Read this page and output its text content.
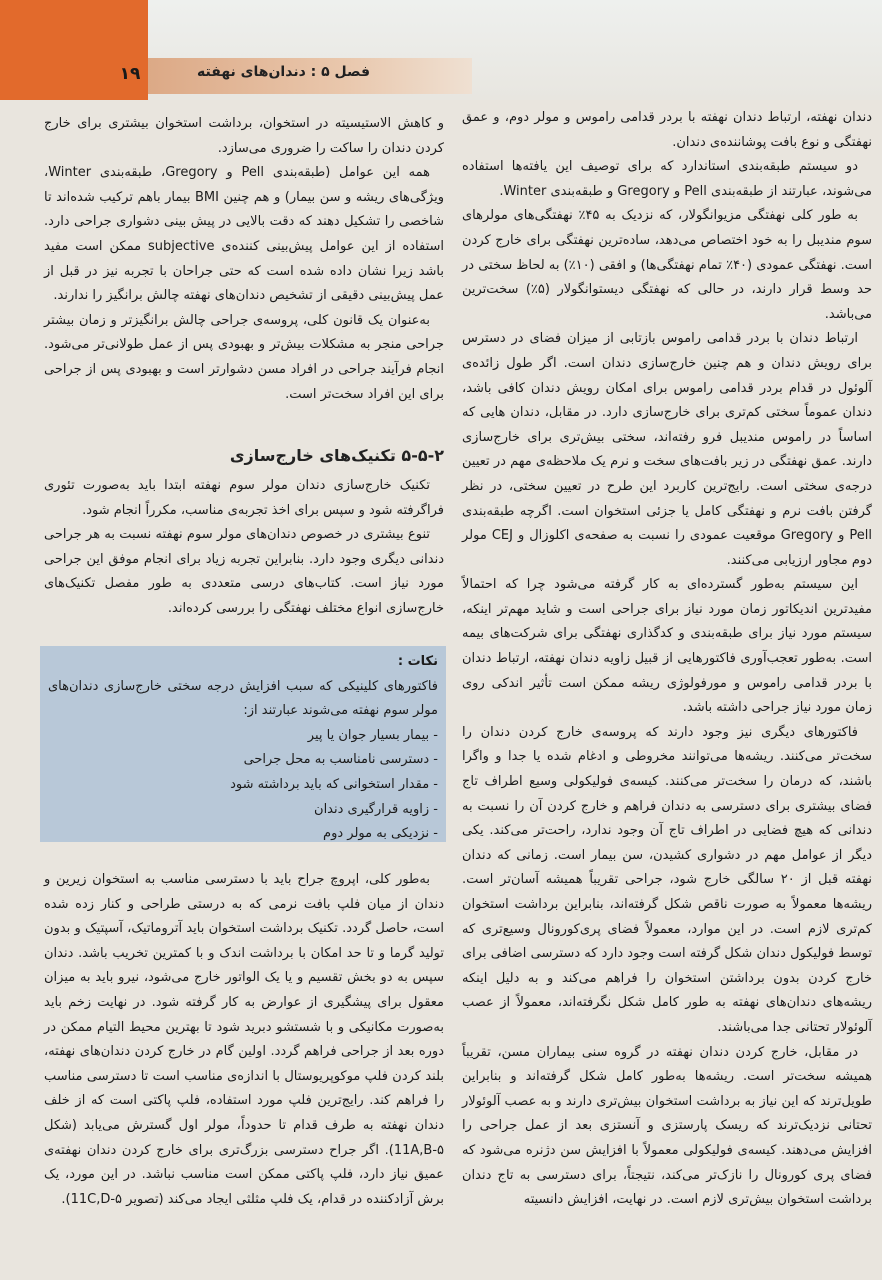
۱۹	فصل ۵ : دندان‌های نهفته

دندان نهفته، ارتباط دندان نهفته با بردر قدامی راموس و مولر دوم، و عمق نهفتگی و نوع بافت پوشاننده‌ی دندان.

دو سیستم طبقه‌بندی استاندارد که برای توصیف این یافته‌ها استفاده می‌شوند، عبارتند از طبقه‌بندی Pell و Gregory و طبقه‌بندی Winter.

به طور کلی نهفتگی مزیوانگولار، که نزدیک به ۴۵٪ نهفتگی‌های مولرهای سوم مندیبل را به خود اختصاص می‌دهد، ساده‌ترین نهفتگی برای خارج کردن است. نهفتگی عمودی (۴۰٪ تمام نهفتگی‌ها) و افقی (۱۰٪) به لحاظ سختی در حد وسط قرار دارند، در حالی که نهفتگی دیستوانگولار (۵٪) سخت‌ترین می‌باشد.

ارتباط دندان با بردر قدامی راموس بازتابی از میزان فضای در دسترس برای رویش دندان و هم چنین خارج‌سازی دندان است. اگر طول زائده‌ی آلوئول در قدام بردر قدامی راموس برای امکان رویش دندان کافی باشد، دندان عموماً سختی کم‌تری برای خارج‌سازی دارد. در مقابل، دندان هایی که اساساً در راموس مندیبل فرو رفته‌اند، سختی بیش‌تری برای خارج‌سازی دارند. عمق نهفتگی در زیر بافت‌های سخت و نرم یک ملاحظه‌ی مهم در تعیین درجه‌ی سختی است. رایج‌ترین کاربرد این طرح در تعیین سختی، در نظر گرفتن بافت نرم و نهفتگی کامل یا جزئی استخوان است. اگرچه طبقه‌بندی Pell و Gregory موقعیت عمودی را نسبت به صفحه‌ی اکلوزال و CEJ مولر دوم مجاور ارزیابی می‌کنند.

این سیستم به‌طور گسترده‌ای به کار گرفته می‌شود چرا که احتمالاً مفیدترین اندیکاتور زمان مورد نیاز برای جراحی است و شاید مهم‌تر اینکه، سیستم مورد نیاز برای طبقه‌بندی و کدگذاری نهفتگی برای شرکت‌های بیمه است. به‌طور تعجب‌آوری فاکتورهایی از قبیل زاویه دندان نهفته، ارتباط دندان با بردر قدامی راموس و مورفولوژی ریشه ممکن است تأثیر اندکی روی زمان مورد نیاز جراحی داشته باشد.

فاکتورهای دیگری نیز وجود دارند که پروسه‌ی خارج کردن دندان را سخت‌تر می‌کنند. ریشه‌ها می‌توانند مخروطی و ادغام شده یا جدا و واگرا باشند، که درمان را سخت‌تر می‌کنند. کیسه‌ی فولیکولی وسیع اطراف تاج فضای بیشتری برای دسترسی به دندان فراهم و خارج کردن آن را نسبت به دندانی که هیچ فضایی در اطراف تاج آن وجود ندارد، راحت‌تر می‌کند. یکی دیگر از عوامل مهم در دشواری کشیدن، سن بیمار است. زمانی که دندان نهفته قبل از ۲۰ سالگی خارج شود، جراحی تقریباً همیشه آسان‌تر است. ریشه‌ها معمولاً به صورت ناقص شکل گرفته‌اند، بنابراین برداشت استخوان کم‌تری لازم است. در این موارد، معمولاً فضای پری‌کورونال وسیع‌تری که توسط فولیکول دندان شکل گرفته است وجود دارد که دسترسی اضافی برای خارج کردن بدون برداشتن استخوان را فراهم می‌کند و به دلیل اینکه ریشه‌های دندان‌های نهفته به طور کامل شکل نگرفته‌اند، معمولاً از عصب آلوئولار تحتانی جدا می‌باشند.

در مقابل، خارج کردن دندان نهفته در گروه سنی بیماران مسن، تقریباً همیشه سخت‌تر است. ریشه‌ها به‌طور کامل شکل گرفته‌اند و بنابراین طویل‌ترند که این نیاز به برداشت استخوان بیش‌تری دارند و به عصب آلوئولار تحتانی نزدیک‌ترند که ریسک پارستزی و آنستزی بعد از عمل جراحی را افزایش می‌دهند. کیسه‌ی فولیکولی معمولاً با افزایش سن دژنره می‌شود که فضای پری کورونال را نازک‌تر می‌کند، نتیجتاً، برای دسترسی به تاج دندان برداشت استخوان بیش‌تری لازم است. در نهایت، افزایش دانسیته

و کاهش الاستیسیته در استخوان، برداشت استخوان بیشتری برای خارج کردن دندان را ساکت را ضروری می‌سازد.

همه این عوامل (طبقه‌بندی Pell و Gregory، طبقه‌بندی Winter، ویژگی‌های ریشه و سن بیمار) و هم چنین BMI بیمار باهم ترکیب شده‌اند تا شاخصی را تشکیل دهند که دقت بالایی در پیش بینی دشواری جراحی دارد. استفاده از این عوامل پیش‌بینی کننده‌ی subjective ممکن است مفید باشد زیرا نشان داده شده است که حتی جراحان با تجربه نیز در قبل از عمل پیش‌بینی دقیقی از تشخیص دندان‌های نهفته چالش برانگیز را ندارند.

به‌عنوان یک قانون کلی، پروسه‌ی جراحی چالش برانگیزتر و زمان بیشتر جراحی منجر به مشکلات بیش‌تر و بهبودی پس از عمل طولانی‌تر می‌شود. انجام فرآیند جراحی در افراد مسن دشوارتر است و بهبودی پس از جراحی برای این افراد سخت‌تر است.

۵-۵-۲ تکنیک‌های خارج‌سازی

تکنیک خارج‌سازی دندان مولر سوم نهفته ابتدا باید به‌صورت تئوری فراگرفته شود و سپس برای اخذ تجربه‌ی مناسب، مکرراً انجام شود.

تنوع بیشتری در خصوص دندان‌های مولر سوم نهفته نسبت به هر جراحی دندانی دیگری وجود دارد. بنابراین تجربه زیاد برای انجام موفق این جراحی مورد نیاز است. کتاب‌های درسی متعددی به طور مفصل تکنیک‌های خارج‌سازی انواع مختلف نهفتگی را بررسی کرده‌اند.

نکات :

فاکتورهای کلینیکی که سبب افزایش درجه سختی خارج‌سازی دندان‌های مولر سوم نهفته می‌شوند عبارتند از:

- بیمار بسیار جوان یا پیر
- دسترسی نامناسب به محل جراحی
- مقدار استخوانی که باید برداشته شود
- زاویه قرارگیری دندان
- نزدیکی به مولر دوم

به‌طور کلی، اپروچ جراح باید با دسترسی مناسب به استخوان زیرین و دندان از میان فلپ بافت نرمی که به درستی طراحی و کنار زده شده است، حاصل گردد. تکنیک برداشت استخوان باید آتروماتیک، آسپتیک و بدون تولید گرما و تا حد امکان با برداشت اندک و با کمترین تخریب باشد. دندان سپس به دو بخش تقسیم و یا یک الواتور خارج می‌شود، نیرو باید به میزان معقول برای پیشگیری از عوارض به کار گرفته شود. در نهایت زخم باید به‌صورت مکانیکی و با شستشو دبرید شود تا بهترین محیط التیام ممکن در دوره بعد از جراحی فراهم گردد. اولین گام در خارج کردن دندان‌های نهفته، بلند کردن فلپ موکوپریوستال با اندازه‌ی مناسب است تا دسترسی مناسب را فراهم کند. رایج‌ترین فلپ مورد استفاده، فلپ پاکتی است که از خلف دندان نهفته به طرف قدام تا حدوداً، مولر اول گسترش می‌یابد (شکل ۵-11A,B). اگر جراح دسترسی بزرگ‌تری برای خارج کردن دندان نهفته‌ی عمیق نیاز دارد، فلپ پاکتی ممکن است مناسب نباشد. در این مورد، یک برش آزادکننده در قدام، یک فلپ مثلثی ایجاد می‌کند (تصویر ۵-11C,D).
